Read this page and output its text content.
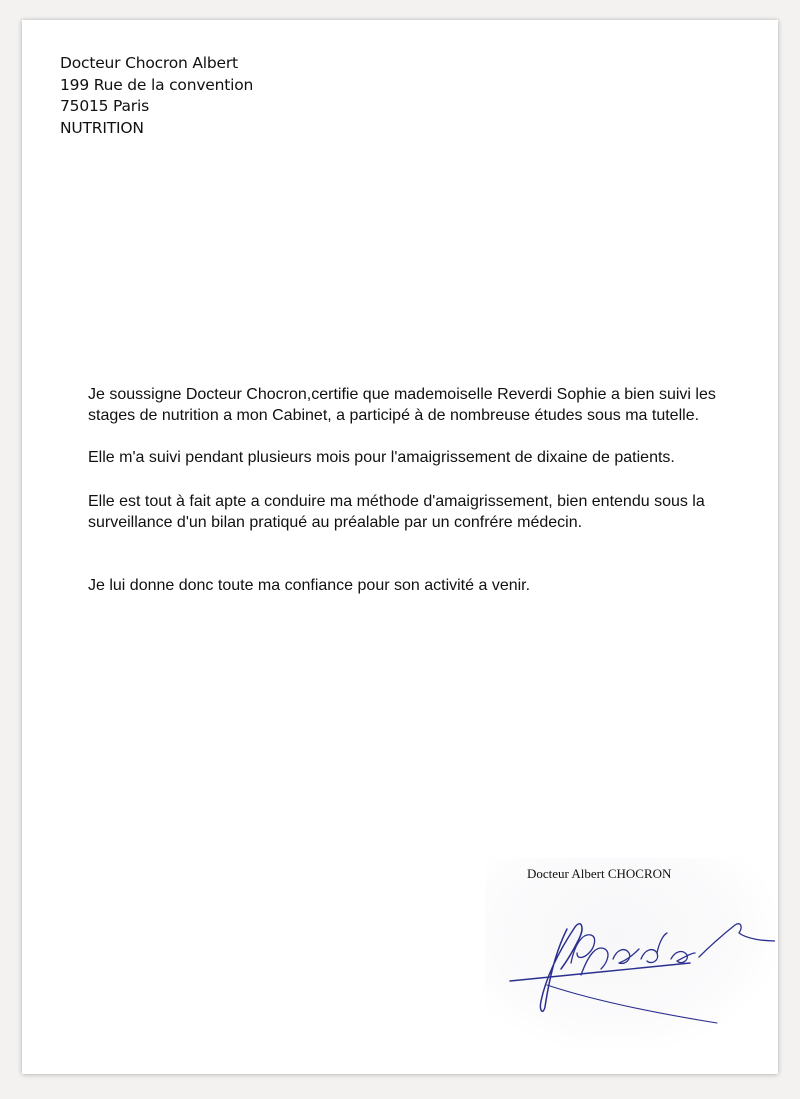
Docteur Chocron Albert
199 Rue de la convention
75015 Paris
NUTRITION

Je soussigne Docteur Chocron,certifie que mademoiselle Reverdi Sophie a bien suivi les stages de nutrition a mon Cabinet, a participé à de nombreuse études sous ma tutelle.

Elle m'a suivi pendant plusieurs mois pour l'amaigrissement de dixaine de patients.

Elle est tout à fait apte a conduire ma méthode d'amaigrissement, bien entendu sous la surveillance d'un bilan pratiqué au préalable par un confrére médecin.

Je lui donne donc toute ma confiance pour son activité a venir.

Docteur Albert CHOCRON
